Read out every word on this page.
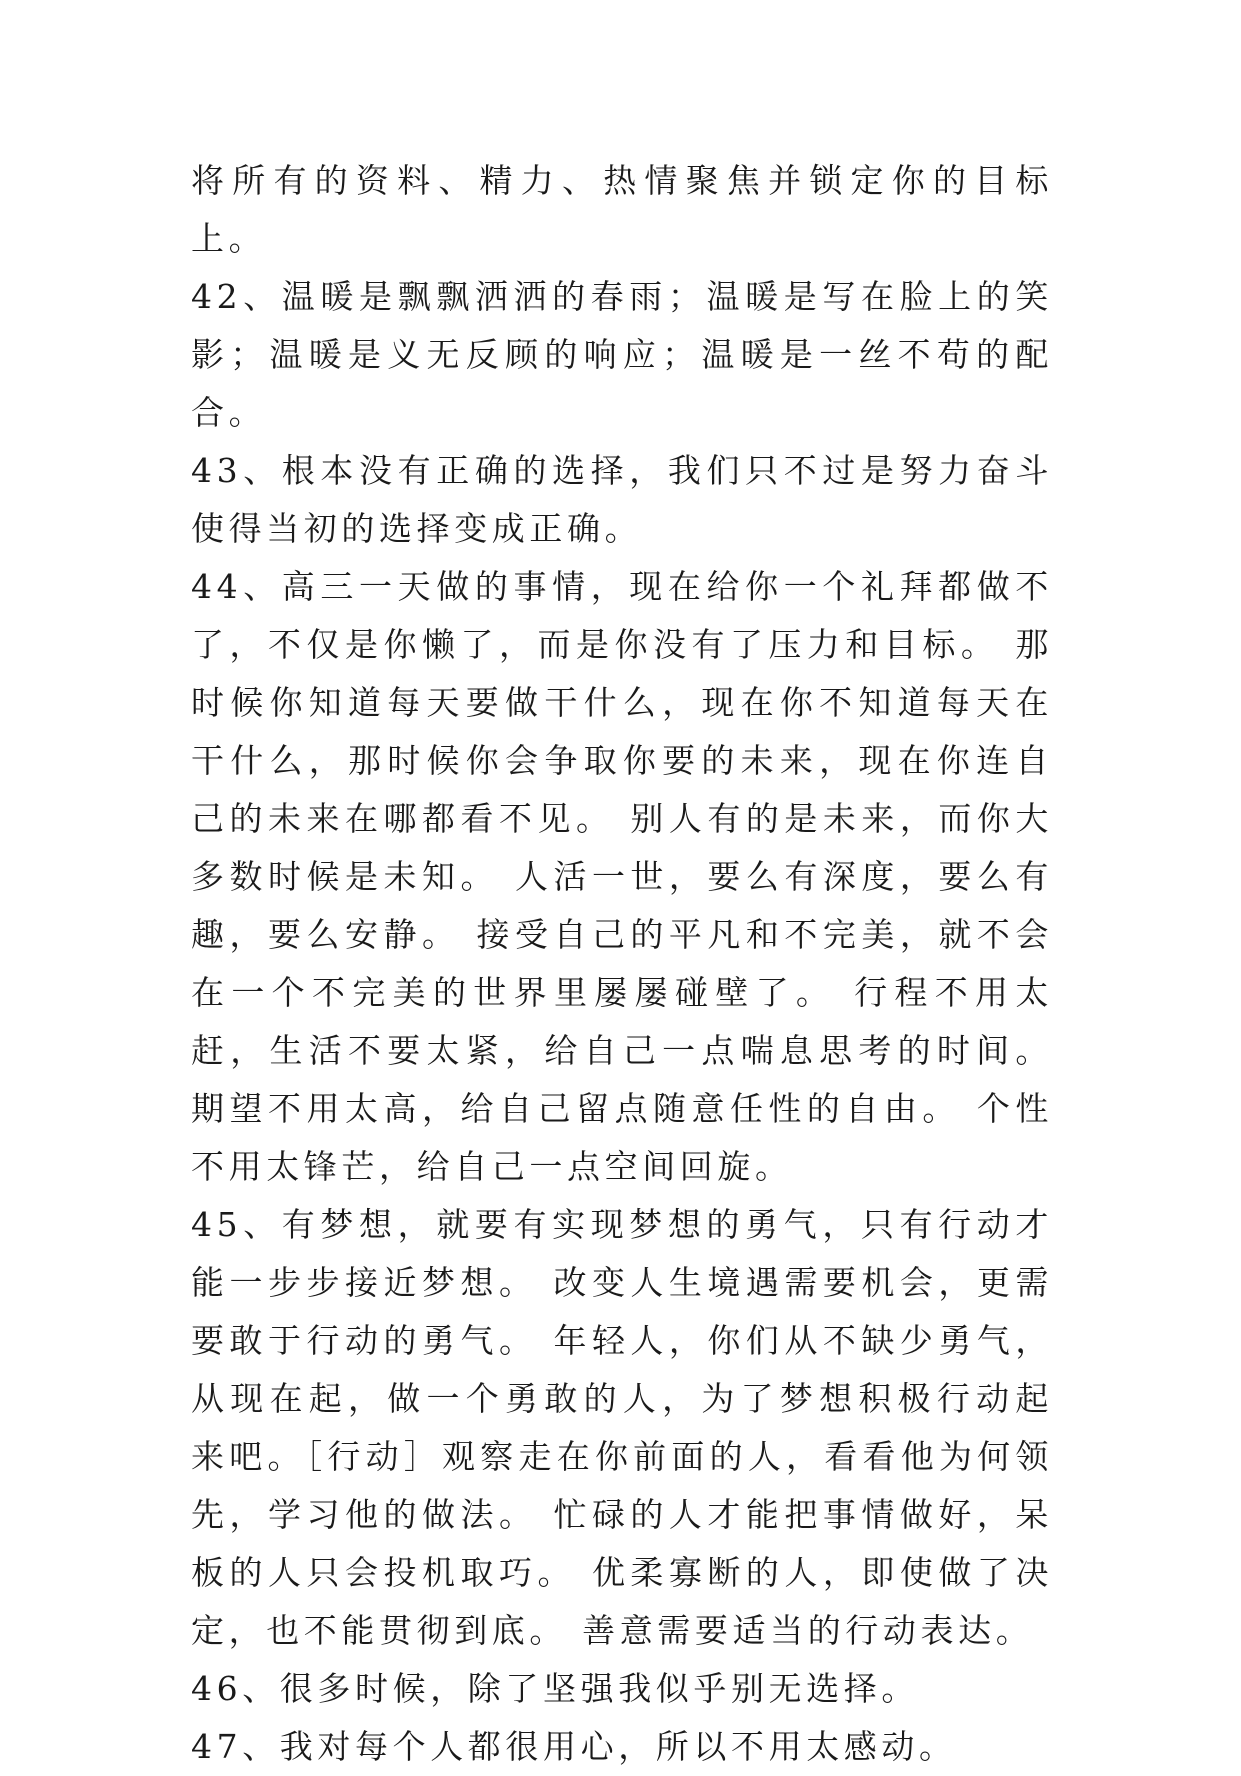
将所有的资料、精力、热情聚焦并锁定你的目标上。

42、温暖是飘飘洒洒的春雨；温暖是写在脸上的笑影；温暖是义无反顾的响应；温暖是一丝不苟的配合。

43、根本没有正确的选择，我们只不过是努力奋斗使得当初的选择变成正确。

44、高三一天做的事情，现在给你一个礼拜都做不了，不仅是你懒了，而是你没有了压力和目标。 那时候你知道每天要做干什么，现在你不知道每天在干什么，那时候你会争取你要的未来，现在你连自己的未来在哪都看不见。 别人有的是未来，而你大多数时候是未知。 人活一世，要么有深度，要么有趣，要么安静。 接受自己的平凡和不完美，就不会在一个不完美的世界里屡屡碰壁了。 行程不用太赶，生活不要太紧，给自己一点喘息思考的时间。 期望不用太高，给自己留点随意任性的自由。 个性不用太锋芒，给自己一点空间回旋。

45、有梦想，就要有实现梦想的勇气，只有行动才能一步步接近梦想。 改变人生境遇需要机会，更需要敢于行动的勇气。 年轻人，你们从不缺少勇气，从现在起，做一个勇敢的人，为了梦想积极行动起来吧。［行动］观察走在你前面的人，看看他为何领先，学习他的做法。 忙碌的人才能把事情做好，呆板的人只会投机取巧。 优柔寡断的人，即使做了决定，也不能贯彻到底。 善意需要适当的行动表达。

46、很多时候，除了坚强我似乎别无选择。

47、我对每个人都很用心，所以不用太感动。
